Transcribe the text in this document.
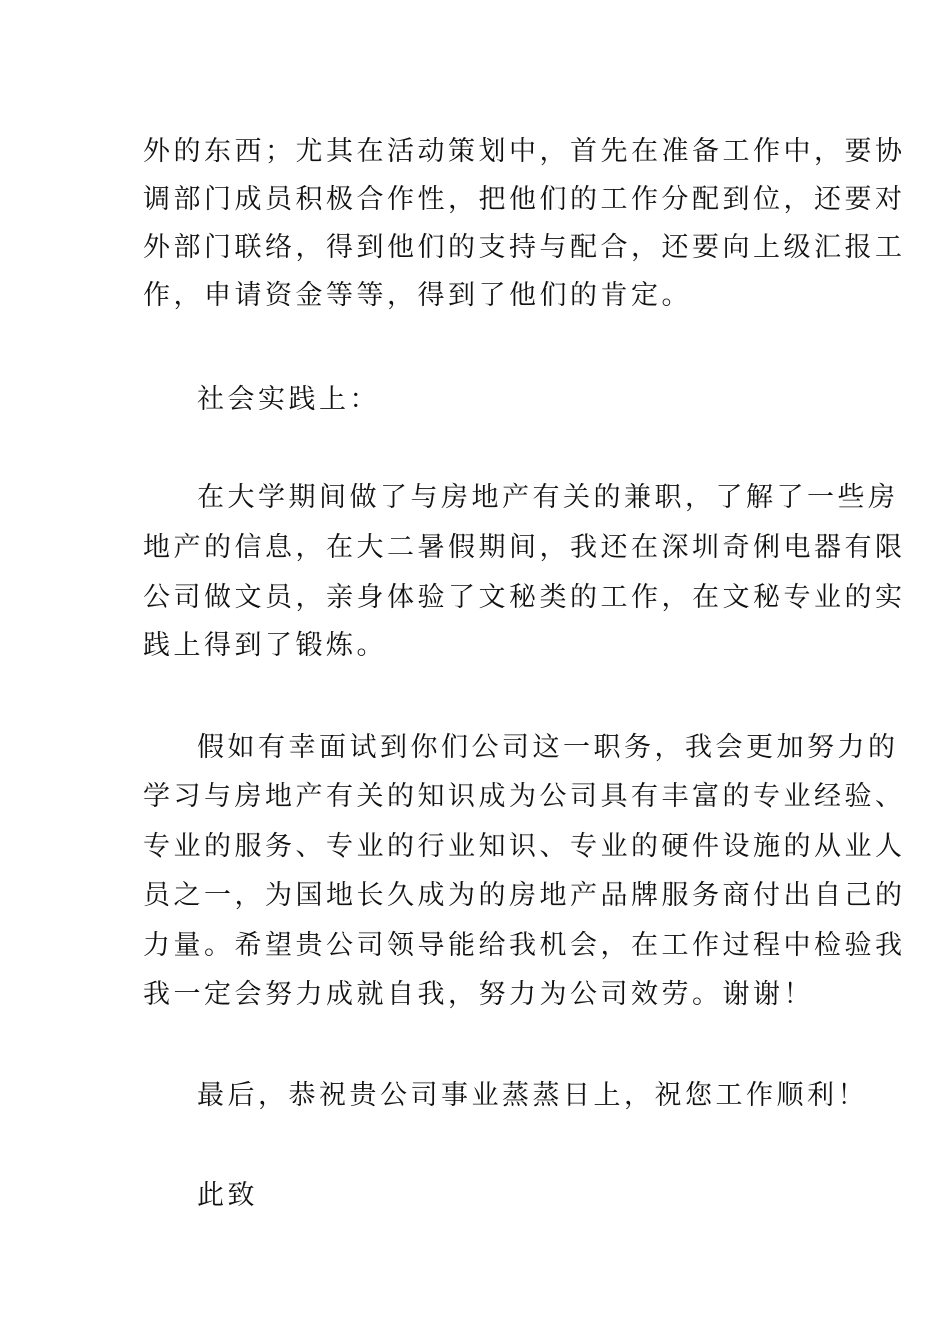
外的东西；尤其在活动策划中，首先在准备工作中，要协
调部门成员积极合作性，把他们的工作分配到位，还要对
外部门联络，得到他们的支持与配合，还要向上级汇报工
作，申请资金等等，得到了他们的肯定。
社会实践上：
在大学期间做了与房地产有关的兼职，了解了一些房
地产的信息，在大二暑假期间，我还在深圳奇俐电器有限
公司做文员，亲身体验了文秘类的工作，在文秘专业的实
践上得到了锻炼。
假如有幸面试到你们公司这一职务，我会更加努力的
学习与房地产有关的知识成为公司具有丰富的专业经验、
专业的服务、专业的行业知识、专业的硬件设施的从业人
员之一，为国地长久成为的房地产品牌服务商付出自己的
力量。希望贵公司领导能给我机会，在工作过程中检验我
我一定会努力成就自我，努力为公司效劳。谢谢！
最后，恭祝贵公司事业蒸蒸日上，祝您工作顺利！
此致
